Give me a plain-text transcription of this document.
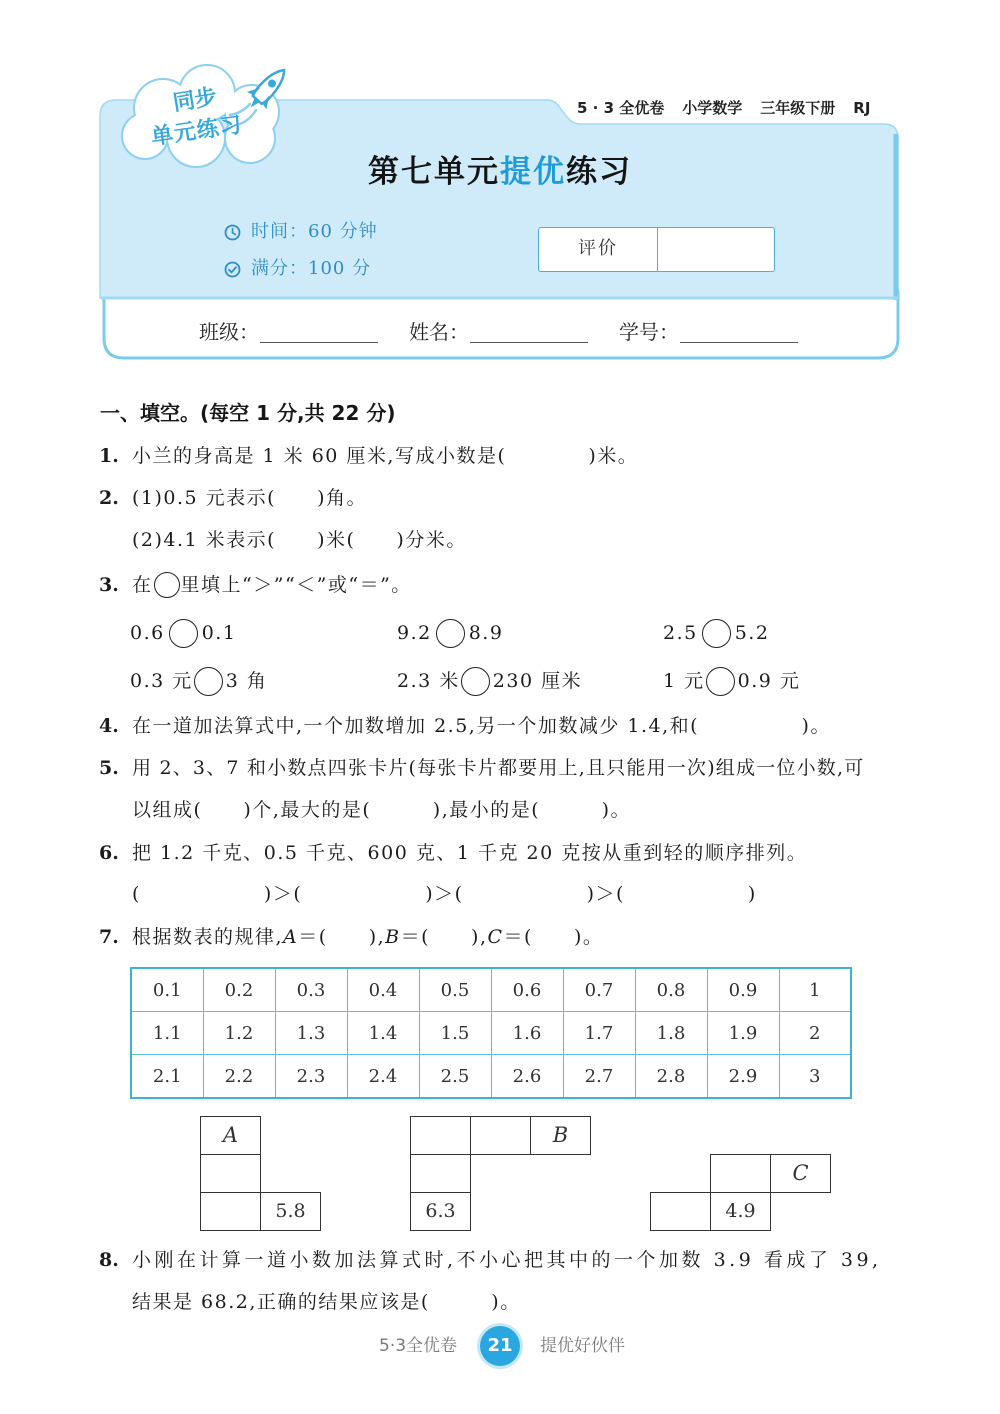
同步
单元练习
5 · 3 全优卷 小学数学 三年级下册 RJ
第七单元提优练习
时间：60 分钟
满分：100 分
评价
班级：	姓名：	学号：
一、填空。(每空 1 分,共 22 分)
1. 小兰的身高是 1 米 60 厘米,写成小数是(　　　　)米。
2. (1)0.5 元表示(　　)角。
(2)4.1 米表示(　　)米(　　)分米。
3. 在 里填上“＞”“＜”或“＝”。
0.6 0.1	9.2 8.9	2.5 5.2
0.3 元 3 角	2.3 米 230 厘米	1 元 0.9 元
4. 在一道加法算式中,一个加数增加 2.5,另一个加数减少 1.4,和(　　　　　)。
5. 用 2、3、7 和小数点四张卡片(每张卡片都要用上,且只能用一次)组成一位小数,可
以组成(　　)个,最大的是(　　　),最小的是(　　　)。
6. 把 1.2 千克、0.5 千克、600 克、1 千克 20 克按从重到轻的顺序排列。
(　　　　　　)＞(　　　　　　)＞(　　　　　　)＞(　　　　　　)
7. 根据数表的规律,A＝(　　),B＝(　　),C＝(　　)。
0.1	0.2	0.3	0.4	0.5	0.6	0.7	0.8	0.9	1
1.1	1.2	1.3	1.4	1.5	1.6	1.7	1.8	1.9	2
2.1	2.2	2.3	2.4	2.5	2.6	2.7	2.8	2.9	3
A
5.8
B
6.3
C
4.9
8. 小刚在计算一道小数加法算式时,不小心把其中的一个加数 3.9 看成了 39,
结果是 68.2,正确的结果应该是(　　　)。
5·3全优卷	21	提优好伙伴
